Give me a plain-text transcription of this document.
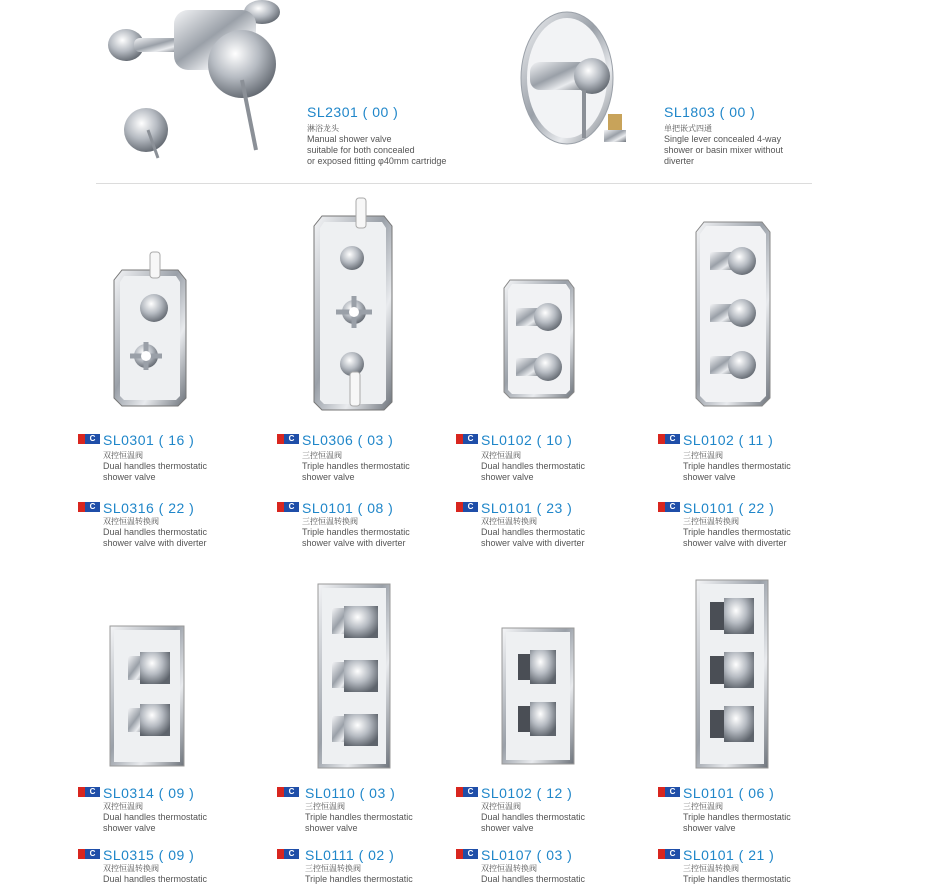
SL2301 ( 00 )
淋浴龙头
Manual shower valve
suitable for both concealed
or exposed fitting φ40mm cartridge
SL1803 ( 00 )
单把嵌式四通
Single lever concealed 4-way
shower or basin mixer without
diverter
C SL0301 ( 16 )
双控恒温阀
Dual handles thermostatic
shower valve
C SL0316 ( 22 )
双控恒温转换阀
Dual handles thermostatic
shower valve with diverter
C SL0306 ( 03 )
三控恒温阀
Triple handles thermostatic
shower valve
C SL0101 ( 08 )
三控恒温转换阀
Triple handles thermostatic
shower valve with diverter
C SL0102 ( 10 )
双控恒温阀
Dual handles thermostatic
shower valve
C SL0101 ( 23 )
双控恒温转换阀
Dual handles thermostatic
shower valve with diverter
C SL0102 ( 11 )
三控恒温阀
Triple handles thermostatic
shower valve
C SL0101 ( 22 )
三控恒温转换阀
Triple handles thermostatic
shower valve with diverter
C SL0314 ( 09 )
双控恒温阀
Dual handles thermostatic
shower valve
C SL0315 ( 09 )
双控恒温转换阀
Dual handles thermostatic
C SL0110 ( 03 )
三控恒温阀
Triple handles thermostatic
shower valve
C SL0111 ( 02 )
三控恒温转换阀
Triple handles thermostatic
C SL0102 ( 12 )
双控恒温阀
Dual handles thermostatic
shower valve
C SL0107 ( 03 )
双控恒温转换阀
Dual handles thermostatic
C SL0101 ( 06 )
三控恒温阀
Triple handles thermostatic
shower valve
C SL0101 ( 21 )
三控恒温转换阀
Triple handles thermostatic
